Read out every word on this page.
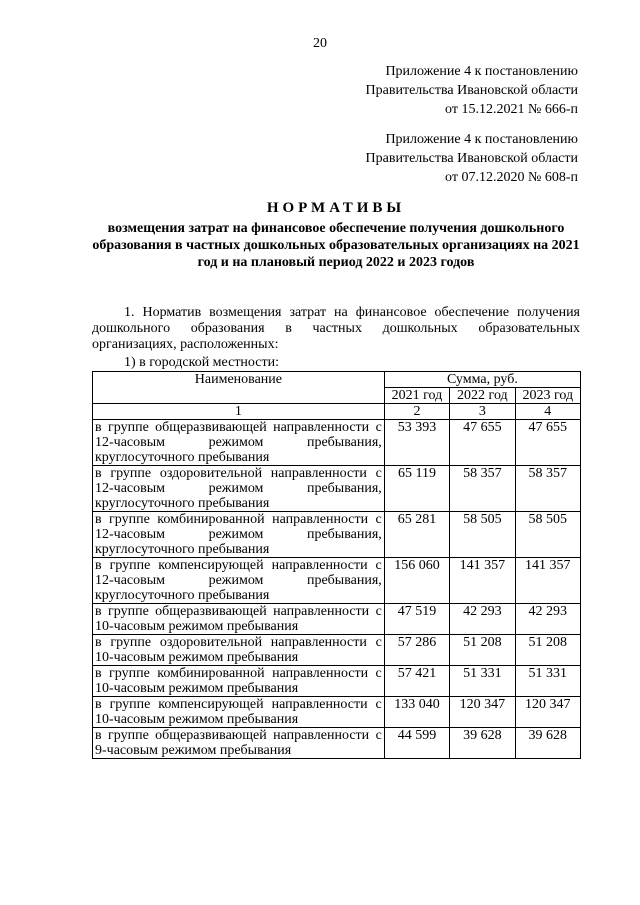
20
Приложение 4 к постановлению
Правительства Ивановской области
от 15.12.2021 № 666-п
Приложение 4 к постановлению
Правительства Ивановской области
от 07.12.2020 № 608-п
НОРМАТИВЫ
возмещения затрат на финансовое обеспечение получения дошкольного образования в частных дошкольных образовательных организациях на 2021 год и на плановый период 2022 и 2023 годов
1. Норматив возмещения затрат на финансовое обеспечение получения дошкольного образования в частных дошкольных образовательных организациях, расположенных:
1) в городской местности:
Наименование	Сумма, руб.		
	2021 год	2022 год	2023 год
1	2	3	4
в группе общеразвивающей направленности с 12-часовым режимом пребывания, круглосуточного пребывания	53 393	47 655	47 655
в группе оздоровительной направленности с 12-часовым режимом пребывания, круглосуточного пребывания	65 119	58 357	58 357
в группе комбинированной направленности с 12-часовым режимом пребывания, круглосуточного пребывания	65 281	58 505	58 505
в группе компенсирующей направленности с 12-часовым режимом пребывания, круглосуточного пребывания	156 060	141 357	141 357
в группе общеразвивающей направленности с 10-часовым режимом пребывания	47 519	42 293	42 293
в группе оздоровительной направленности с 10-часовым режимом пребывания	57 286	51 208	51 208
в группе комбинированной направленности с 10-часовым режимом пребывания	57 421	51 331	51 331
в группе компенсирующей направленности с 10-часовым режимом пребывания	133 040	120 347	120 347
в группе общеразвивающей направленности с 9-часовым режимом пребывания	44 599	39 628	39 628
